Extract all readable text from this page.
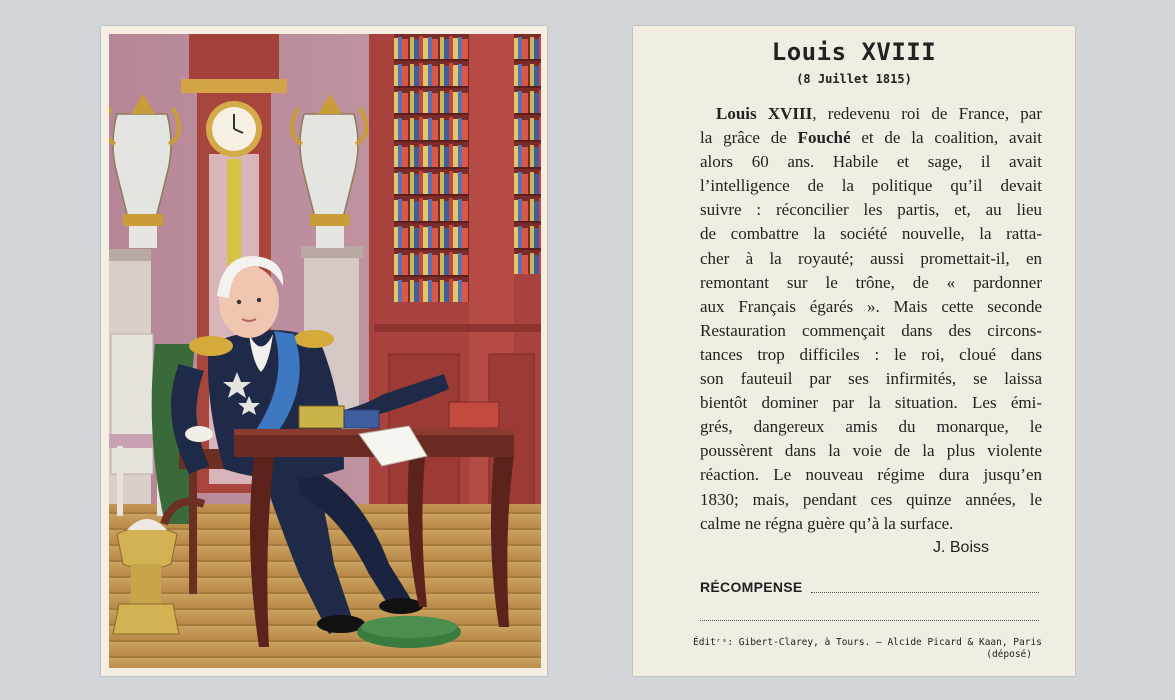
Louis XVIII
(8 Juillet 1815)
Louis XVIII, redevenu roi de France, par
la grâce de Fouché et de la coalition, avait
alors 60 ans. Habile et sage, il avait
l’intelligence de la politique qu’il devait
suivre : réconcilier les partis, et, au lieu
de combattre la société nouvelle, la rattа-
cher à la royauté; aussi promettait-il, en
remontant sur le trône, de « pardonner
aux Français égarés ». Mais cette seconde
Restauration commençait dans des circons-
tances trop difficiles : le roi, cloué dans
son fauteuil par ses infirmités, se laissa
bientôt dominer par la situation. Les émi-
grés, dangereux amis du monarque, le
poussèrent dans la voie de la plus violente
réaction. Le nouveau régime dura jusqu’en
1830; mais, pendant ces quinze années, le
calme ne régna guère qu’à la surface.
J. Boiss
RÉCOMPENSE
Éditʳˢ: Gibert-Clarey, à Tours. — Alcide Picard & Kaan, Paris
(déposé)
